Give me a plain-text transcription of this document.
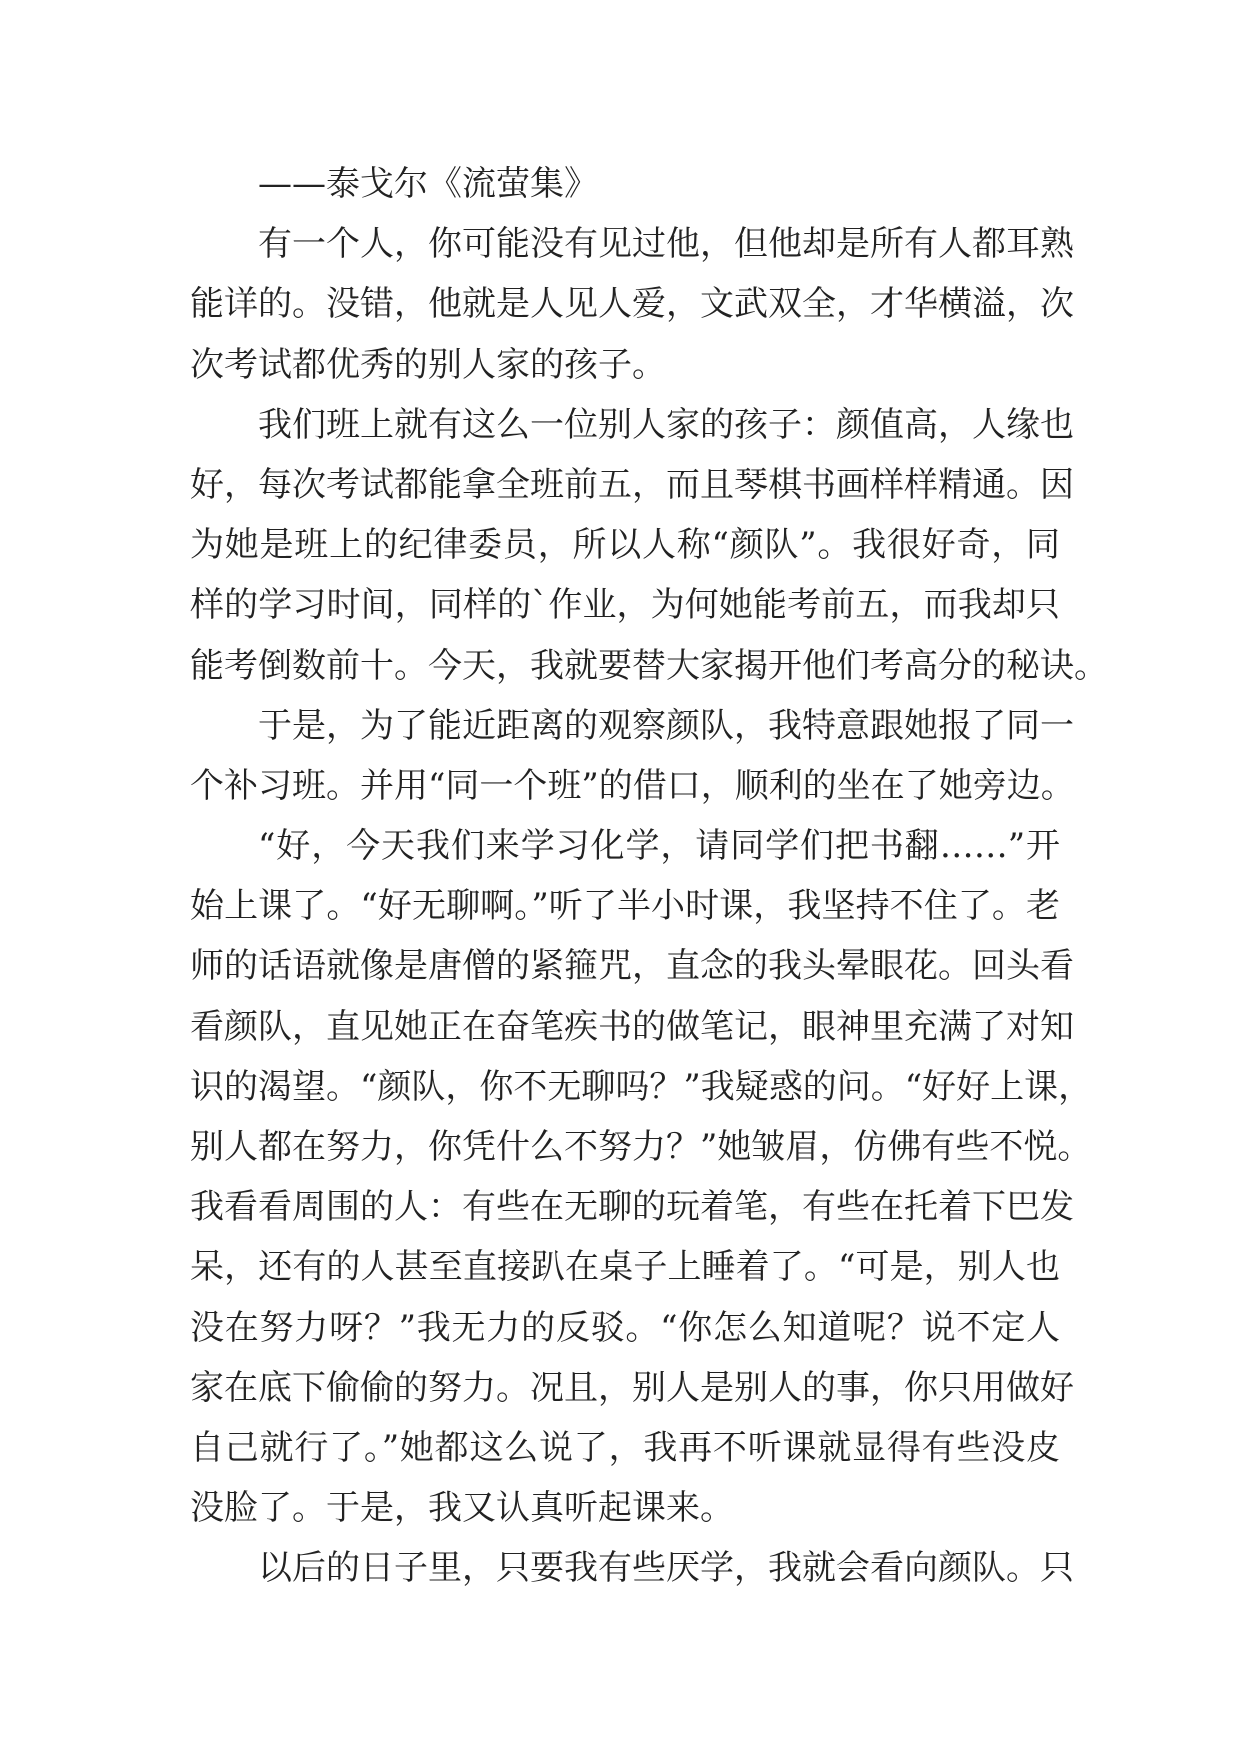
——泰戈尔《流萤集》
有一个人，你可能没有见过他，但他却是所有人都耳熟
能详的。没错，他就是人见人爱，文武双全，才华横溢，次
次考试都优秀的别人家的孩子。
我们班上就有这么一位别人家的孩子：颜值高，人缘也
好，每次考试都能拿全班前五，而且琴棋书画样样精通。因
为她是班上的纪律委员，所以人称“颜队”。我很好奇，同
样的学习时间，同样的`作业，为何她能考前五，而我却只
能考倒数前十。今天，我就要替大家揭开他们考高分的秘诀。
于是，为了能近距离的观察颜队，我特意跟她报了同一
个补习班。并用“同一个班”的借口，顺利的坐在了她旁边。
“好，今天我们来学习化学，请同学们把书翻……”开
始上课了。“好无聊啊。”听了半小时课，我坚持不住了。老
师的话语就像是唐僧的紧箍咒，直念的我头晕眼花。回头看
看颜队，直见她正在奋笔疾书的做笔记，眼神里充满了对知
识的渴望。“颜队，你不无聊吗？”我疑惑的问。“好好上课，
别人都在努力，你凭什么不努力？”她皱眉，仿佛有些不悦。
我看看周围的人：有些在无聊的玩着笔，有些在托着下巴发
呆，还有的人甚至直接趴在桌子上睡着了。“可是，别人也
没在努力呀？”我无力的反驳。“你怎么知道呢？说不定人
家在底下偷偷的努力。况且，别人是别人的事，你只用做好
自己就行了。”她都这么说了，我再不听课就显得有些没皮
没脸了。于是，我又认真听起课来。
以后的日子里，只要我有些厌学，我就会看向颜队。只
